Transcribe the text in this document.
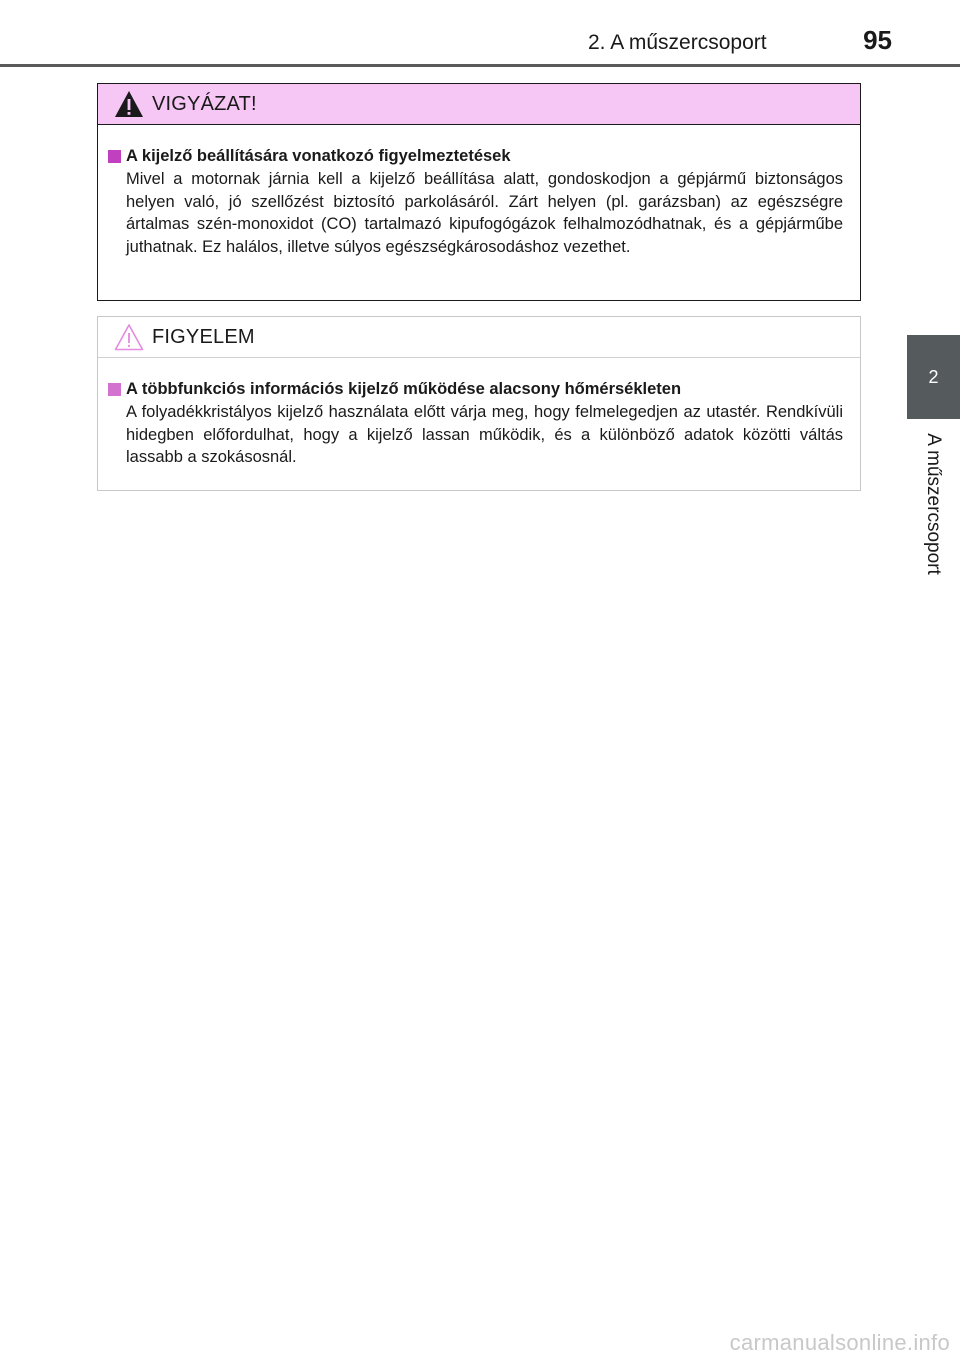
2. A műszercsoport	95
2
A műszercsoport
VIGYÁZAT!
A kijelző beállítására vonatkozó figyelmeztetések

Mivel a motornak járnia kell a kijelző beállítása alatt, gondoskodjon a gépjármű biztonságos helyen való, jó szellőzést biztosító parkolásáról. Zárt helyen (pl. garázsban) az egészségre ártalmas szén-monoxidot (CO) tartalmazó kipufogógázok felhalmozódhatnak, és a gépjárműbe juthatnak. Ez halálos, illetve súlyos egészségkárosodáshoz vezethet.

FIGYELEM
A többfunkciós információs kijelző működése alacsony hőmérsékleten

A folyadékkristályos kijelző használata előtt várja meg, hogy felmelegedjen az utastér. Rendkívüli hidegben előfordulhat, hogy a kijelző lassan működik, és a különböző adatok közötti váltás lassabb a szokásosnál.

carmanualsonline.info
